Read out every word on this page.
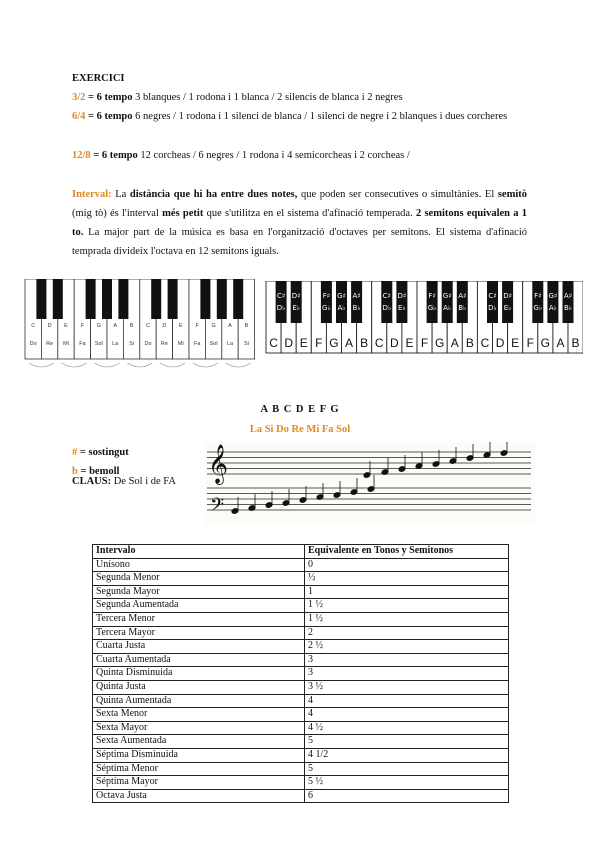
EXERCICI
3/2 = 6 tempo 3 blanques / 1 rodona i 1 blanca / 2 silencis de blanca i 2 negres
6/4 = 6 tempo 6 negres / 1 rodona i 1 silenci de blanca / 1 silenci de negre i 2 blanques i dues corcheres
12/8 = 6 tempo 12 corcheas / 6 negres / 1 rodona i 4 semicorcheas i 2 corcheas /
Interval: La distància que hi ha entre dues notes, que poden ser consecutives o simultànies. El semitò (mig tò) és l'interval més petit que s'utilitza en el sistema d'afinació temperada. 2 semitons equivalen a 1 to. La major part de la música es basa en l'organització d'octaves per semitons. El sistema d'afinació temprada divideix l'octava en 12 semitons iguals.
C
Do
D
Re
E
Mi
F
Fa
G
Sol
A
La
B
Si
C
Do
D
Re
E
Mi
F
Fa
G
Sol
A
La
B
Si C D E F G A B C D E F G A B C D E F G A B
C♯
D♭
D♯
E♭
F♯
G♭
G♯
A♭
A♯
B♭
C♯
D♭
D♯
E♭
F♯
G♭
G♯
A♭
A♯
B♭
C♯
D♭
D♯
E♭
F♯
G♭
G♯
A♭
A♯
B♭
A B C D E F G
La Si Do Re Mi Fa Sol
# = sostingut
b = bemoll
CLAUS: De Sol i de FA 𝄞
𝄢
Intervalo	Equivalente en Tonos y Semitonos
Unísono	0
Segunda Menor	½
Segunda Mayor	1
Segunda Aumentada	1 ½
Tercera Menor	1 ½
Tercera Mayor	2
Cuarta Justa	2 ½
Cuarta Aumentada	3
Quinta Disminuida	3
Quinta Justa	3 ½
Quinta Aumentada	4
Sexta Menor	4
Sexta Mayor	4 ½
Sexta Aumentada	5
Séptima Disminuida	4 1/2
Séptima Menor	5
Séptima Mayor	5 ½
Octava Justa	6
